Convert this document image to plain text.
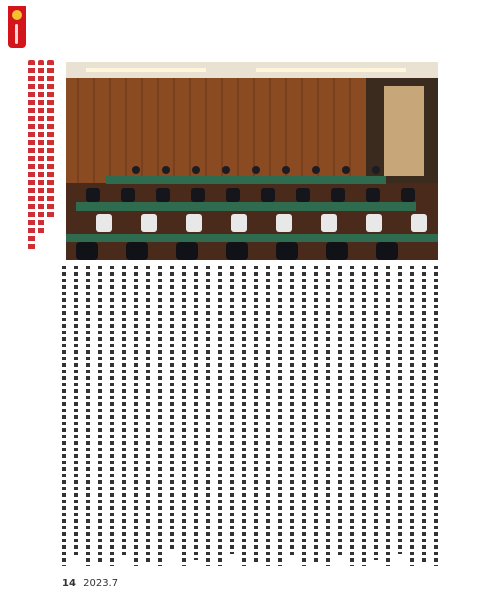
14 2023.7
